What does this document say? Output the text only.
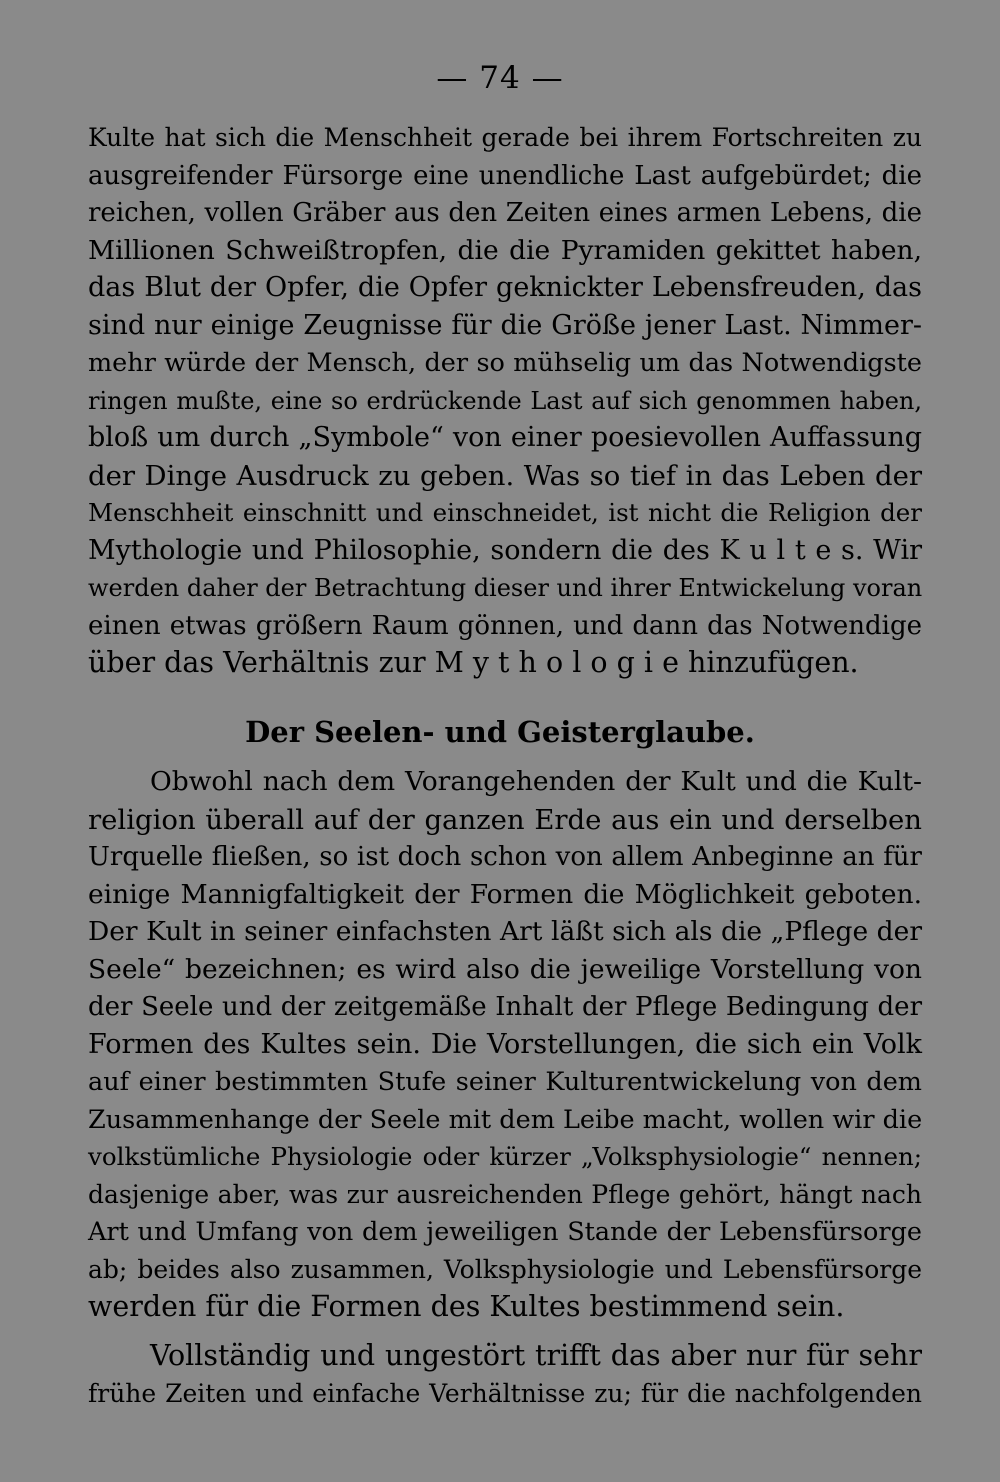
— 74 —
Kulte hat sich die Menschheit gerade bei ihrem Fortschreiten zu
ausgreifender Fürsorge eine unendliche Last aufgebürdet; die
reichen, vollen Gräber aus den Zeiten eines armen Lebens, die
Millionen Schweißtropfen, die die Pyramiden gekittet haben,
das Blut der Opfer, die Opfer geknickter Lebensfreuden, das
sind nur einige Zeugnisse für die Größe jener Last. Nimmer-
mehr würde der Mensch, der so mühselig um das Notwendigste
ringen mußte, eine so erdrückende Last auf sich genommen haben,
bloß um durch „Symbole“ von einer poesievollen Auffassung
der Dinge Ausdruck zu geben. Was so tief in das Leben der
Menschheit einschnitt und einschneidet, ist nicht die Religion der
Mythologie und Philosophie, sondern die des K u l t e s. Wir
werden daher der Betrachtung dieser und ihrer Entwickelung voran
einen etwas größern Raum gönnen, und dann das Notwendige
über das Verhältnis zur M y t h o l o g i e hinzufügen.
Der Seelen- und Geisterglaube.
Obwohl nach dem Vorangehenden der Kult und die Kult-
religion überall auf der ganzen Erde aus ein und derselben
Urquelle fließen, so ist doch schon von allem Anbeginne an für
einige Mannigfaltigkeit der Formen die Möglichkeit geboten.
Der Kult in seiner einfachsten Art läßt sich als die „Pflege der
Seele“ bezeichnen; es wird also die jeweilige Vorstellung von
der Seele und der zeitgemäße Inhalt der Pflege Bedingung der
Formen des Kultes sein. Die Vorstellungen, die sich ein Volk
auf einer bestimmten Stufe seiner Kulturentwickelung von dem
Zusammenhange der Seele mit dem Leibe macht, wollen wir die
volkstümliche Physiologie oder kürzer „Volksphysiologie“ nennen;
dasjenige aber, was zur ausreichenden Pflege gehört, hängt nach
Art und Umfang von dem jeweiligen Stande der Lebensfürsorge
ab; beides also zusammen, Volksphysiologie und Lebensfürsorge
werden für die Formen des Kultes bestimmend sein.
Vollständig und ungestört trifft das aber nur für sehr
frühe Zeiten und einfache Verhältnisse zu; für die nachfolgenden
